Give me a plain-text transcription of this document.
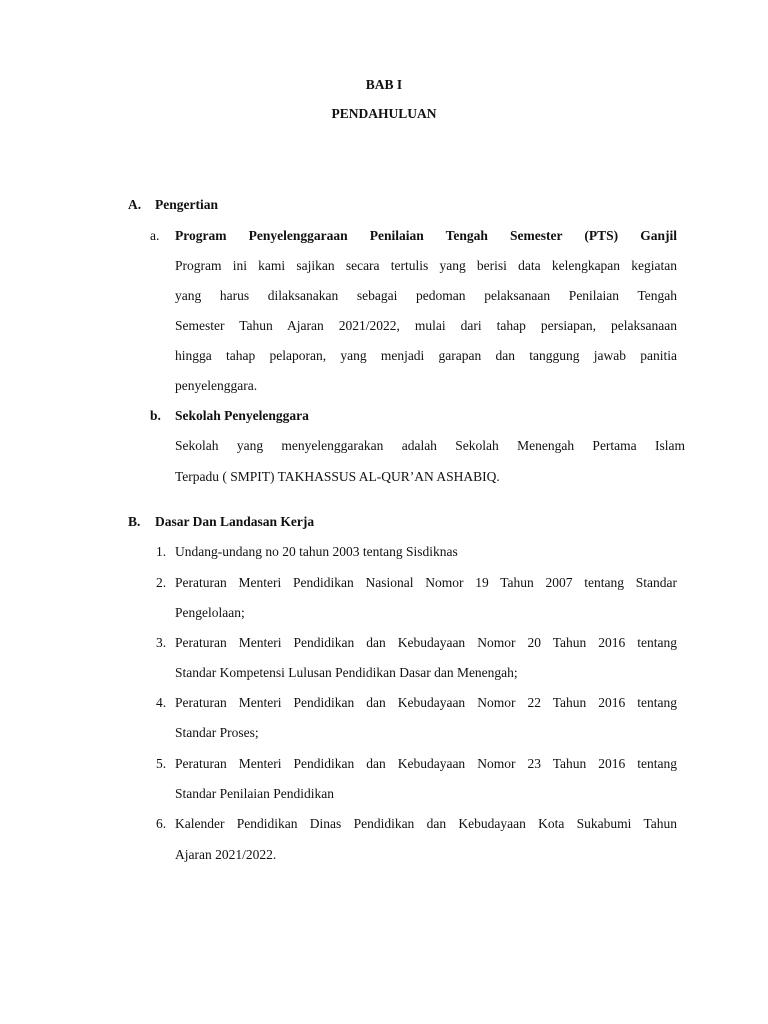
BAB I
PENDAHULUAN
A. Pengertian
a. Program Penyelenggaraan Penilaian Tengah Semester (PTS) Ganjil
Program ini kami sajikan secara tertulis yang berisi data kelengkapan kegiatan
yang harus dilaksanakan sebagai pedoman pelaksanaan Penilaian Tengah
Semester Tahun Ajaran 2021/2022, mulai dari tahap persiapan, pelaksanaan
hingga tahap pelaporan, yang menjadi garapan dan tanggung jawab panitia
penyelenggara.
b. Sekolah Penyelenggara
Sekolah yang menyelenggarakan adalah Sekolah Menengah Pertama Islam
Terpadu ( SMPIT) TAKHASSUS AL-QUR’AN ASHABIQ.
B. Dasar Dan Landasan Kerja
1. Undang-undang no 20 tahun 2003 tentang Sisdiknas
2. Peraturan Menteri Pendidikan Nasional Nomor 19 Tahun 2007 tentang Standar
Pengelolaan;
3. Peraturan Menteri Pendidikan dan Kebudayaan Nomor 20 Tahun 2016 tentang
Standar Kompetensi Lulusan Pendidikan Dasar dan Menengah;
4. Peraturan Menteri Pendidikan dan Kebudayaan Nomor 22 Tahun 2016 tentang
Standar Proses;
5. Peraturan Menteri Pendidikan dan Kebudayaan Nomor 23 Tahun 2016 tentang
Standar Penilaian Pendidikan
6. Kalender Pendidikan Dinas Pendidikan dan Kebudayaan Kota Sukabumi Tahun
Ajaran 2021/2022.
